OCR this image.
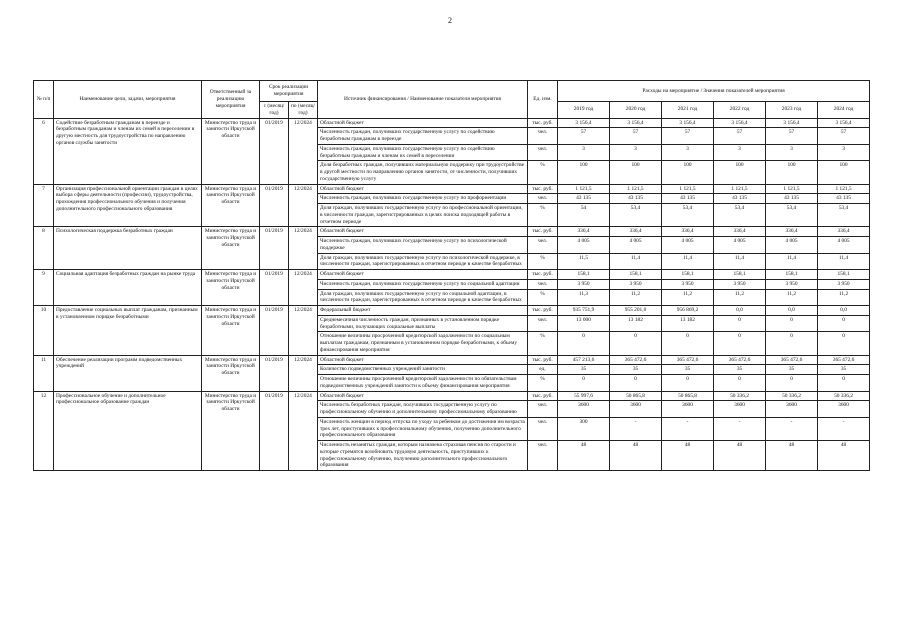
2
№ п/п	Наименование цели, задачи, мероприятия	Ответственный за реализацию мероприятия	Срок реализации мероприятия		Источник финансирования / Наименование показателя мероприятия	Ед. изм.	Расходы на мероприятие / Значения показателей мероприятия					
			с (месяц/ год)	по (месяц/ год)			2019 год	2020 год	2021 год	2022 год	2023 год	2024 год
6	Содействие безработным гражданам в переезде и безработным гражданам и членам их семей в переселении в другую местность для трудоустройства по направлению органов службы занятости	Министерство труда и занятости Иркутской области	01/2019	12/2024	Областной бюджет	тыс. руб.	3 156,4	3 156,4	3 156,4	3 156,4	3 156,4	3 156,4
					Численность граждан, получивших государственную услугу по содействию безработным гражданам в переезде	чел.	57	57	57	57	57	57
					Численность граждан, получивших государственную услугу по содействию безработным гражданам и членам их семей в переселении	чел.	3	3	3	3	3	3
					Доля безработных граждан, получивших материальную поддержку при трудоустройстве в другой местности по направлению органов занятости, от численности, получивших государственную услугу	%	100	100	100	100	100	100
7	Организация профессиональной ориентации граждан в целях выбора сферы деятельности (профессии), трудоустройства, прохождения профессионального обучения и получения дополнительного профессионального образования	Министерство труда и занятости Иркутской области	01/2019	12/2024	Областной бюджет	тыс. руб.	1 121,5	1 121,5	1 121,5	1 121,5	1 121,5	1 121,5
					Численность граждан, получивших государственную услугу по профориентации	чел.	43 135	43 135	43 135	43 135	43 135	43 135
					Доля граждан, получивших государственную услугу по профессиональной ориентации, в численности граждан, зарегистрированных в целях поиска подходящей работы в отчетном периоде	%	54	53,4	53,4	53,4	53,4	53,4
8	Психологическая поддержка безработных граждан	Министерство труда и занятости Иркутской области	01/2019	12/2024	Областной бюджет	тыс. руб.	336,4	336,4	336,4	336,4	336,4	336,4
					Численность граждан, получивших государственную услугу по психологической поддержке	чел.	4 005	4 005	4 005	4 005	4 005	4 005
					Доля граждан, получивших государственную услугу по психологической поддержке, в численности граждан, зарегистрированных в отчетном периоде в качестве безработных	%	11,5	11,4	11,4	11,4	11,4	11,4
9	Социальная адаптация безработных граждан на рынке труда	Министерство труда и занятости Иркутской области	01/2019	12/2024	Областной бюджет	тыс. руб.	158,1	158,1	158,1	158,1	158,1	158,1
					Численность граждан, получивших государственную услугу по социальной адаптации	чел.	3 950	3 950	3 950	3 950	3 950	3 950
					Доля граждан, получивших государственную услугу по социальной адаптации, в численности граждан, зарегистрированных в отчетном периоде в качестве безработных	%	11,3	11,2	11,2	11,2	11,2	11,2
10	Предоставление социальных выплат гражданам, признанным в установленном порядке безработными	Министерство труда и занятости Иркутской области	01/2019	12/2024	Федеральный бюджет	тыс. руб.	935 751,9	955 201,0	956 869,2	0,0	0,0	0,0
					Среднемесячная численность граждан, признанных в установленном порядке безработными, получающих социальные выплаты	чел.	13 000	13 182	13 182	0	0	0
					Отношение величины просроченной кредиторской задолженности по социальным выплатам гражданам, признанным в установленном порядке безработными, к объему финансирования мероприятия	%	0	0	0	0	0	0
11	Обеспечение реализации программ подведомственных учреждений	Министерство труда и занятости Иркутской области	01/2019	12/2024	Областной бюджет	тыс. руб.	457 213,6	365 472,6	365 472,6	365 472,6	365 472,6	365 472,6
					Количество подведомственных учреждений занятости	ед.	35	35	35	35	35	35
					Отношение величины просроченной кредиторской задолженности по обязательствам подведомственных учреждений занятости к объему финансирования мероприятия	%	0	0	0	0	0	0
12	Профессиональное обучение и дополнительное профессиональное образование граждан	Министерство труда и занятости Иркутской области	01/2019	12/2024	Областной бюджет	тыс. руб.	55 997,6	50 865,8	50 865,8	50 336,2	50 336,2	50 336,2
					Численность безработных граждан, получивших государственную услугу по профессиональному обучению и дополнительному профессиональному образованию	чел.	3600	3600	3600	3600	3600	3600
					Численность женщин в период отпуска по уходу за ребенком до достижения им возраста трех лет, приступивших к профессиональному обучению, получению дополнительного профессионального образования	чел.	300	-	-	-	-	-
					Численность незанятых граждан, которым назначена страховая пенсия по старости и которые стремятся возобновить трудовую деятельность, приступивших к профессиональному обучению, получению дополнительного профессионального образования	чел.	48	48	48	48	48	48
